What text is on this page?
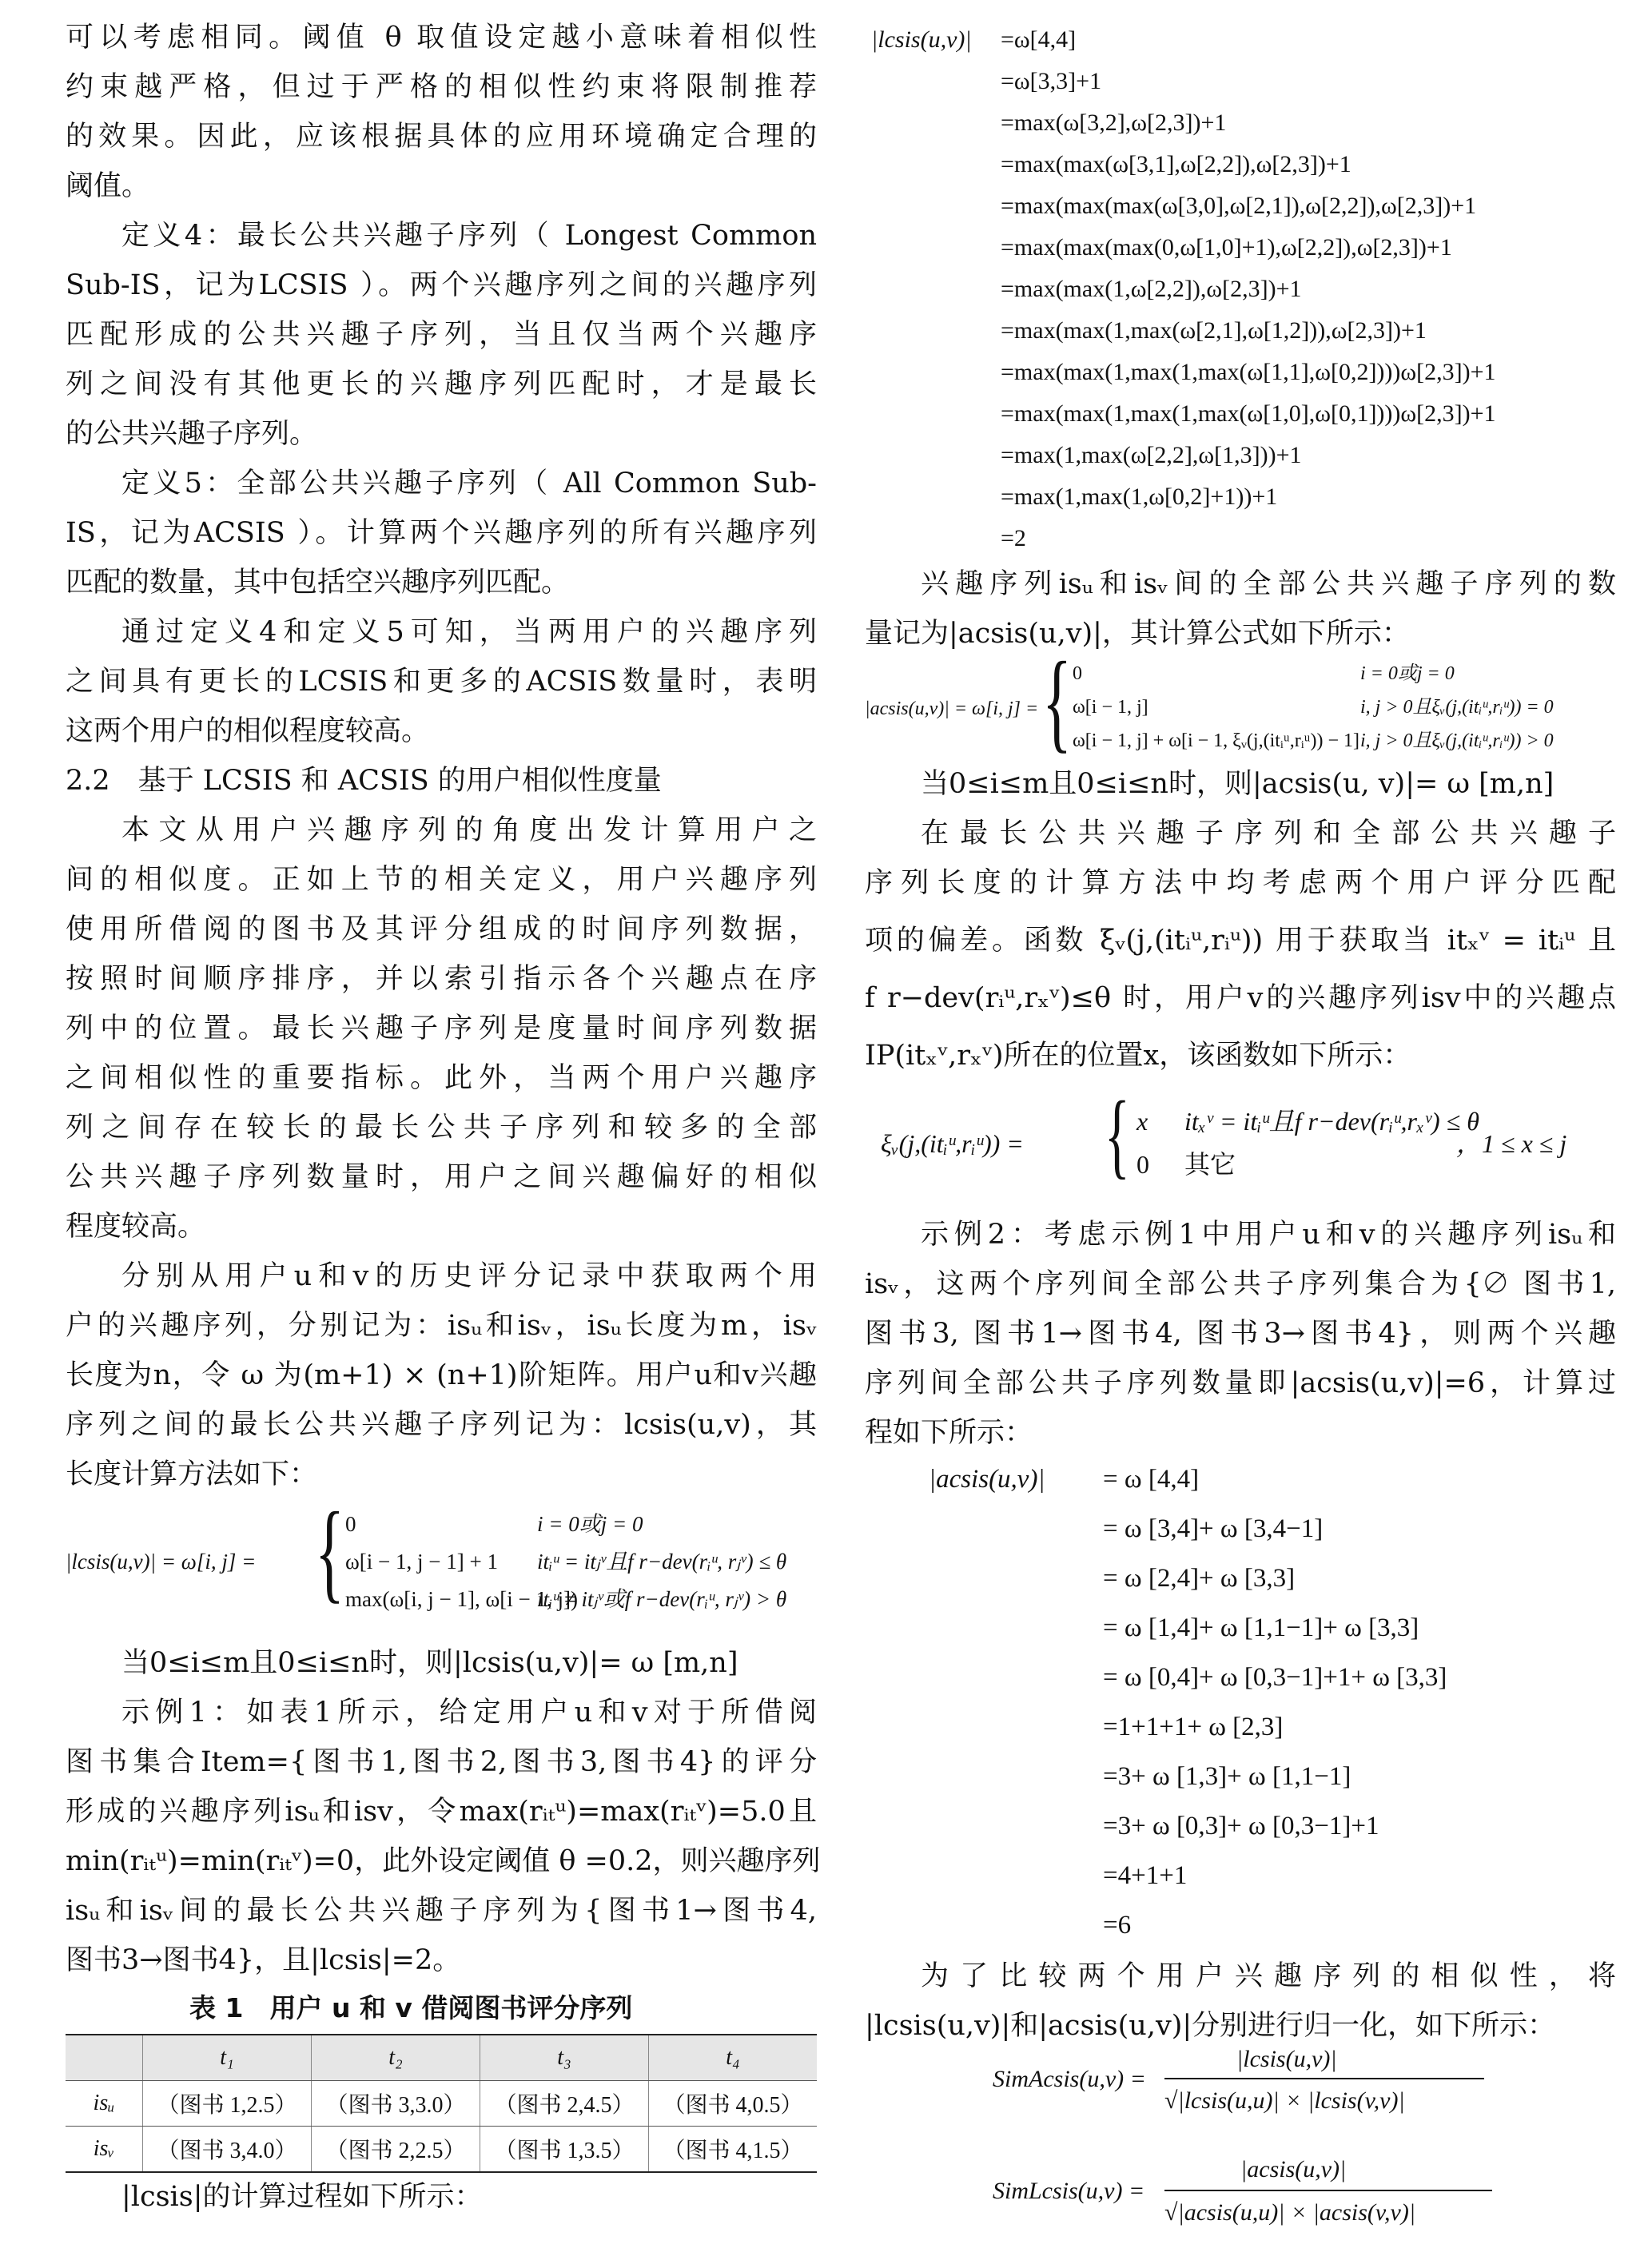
可以考虑相同。阈值 θ 取值设定越小意味着相似性
约束越严格，但过于严格的相似性约束将限制推荐
的效果。因此，应该根据具体的应用环境确定合理的
阈值。
定义4：最长公共兴趣子序列（ Longest Common
Sub-IS，记为LCSIS ）。两个兴趣序列之间的兴趣序列
匹配形成的公共兴趣子序列，当且仅当两个兴趣序
列之间没有其他更长的兴趣序列匹配时，才是最长
的公共兴趣子序列。
定义5：全部公共兴趣子序列（ All Common Sub-
IS，记为ACSIS ）。计算两个兴趣序列的所有兴趣序列
匹配的数量，其中包括空兴趣序列匹配。
通过定义4和定义5可知，当两用户的兴趣序列
之间具有更长的LCSIS和更多的ACSIS数量时，表明
这两个用户的相似程度较高。
2.2　基于 LCSIS 和 ACSIS 的用户相似性度量
本文从用户兴趣序列的角度出发计算用户之
间的相似度。正如上节的相关定义，用户兴趣序列
使用所借阅的图书及其评分组成的时间序列数据，
按照时间顺序排序，并以索引指示各个兴趣点在序
列中的位置。最长兴趣子序列是度量时间序列数据
之间相似性的重要指标。此外，当两个用户兴趣序
列之间存在较长的最长公共子序列和较多的全部
公共兴趣子序列数量时，用户之间兴趣偏好的相似
程度较高。
分别从用户u和v的历史评分记录中获取两个用
户的兴趣序列，分别记为：isᵤ和isᵥ，isᵤ长度为m，isᵥ
长度为n，令 ω 为(m+1) × (n+1)阶矩阵。用户u和v兴趣
序列之间的最长公共兴趣子序列记为：lcsis(u,v)，其
长度计算方法如下：
|lcsis(u,v)| = ω[i, j] = { 0	i = 0或j = 0
ω[i − 1, j − 1] + 1 itᵢᵘ = itⱼᵛ且f r−dev(rᵢᵘ, rⱼᵛ) ≤ θ
max(ω[i, j − 1], ω[i − 1, j])
itᵢᵘ ≠ itⱼᵛ或f r−dev(rᵢᵘ, rⱼᵛ) > θ
当0≤i≤m且0≤i≤n时，则|lcsis(u,v)|= ω [m,n]
示例1：如表1所示，给定用户u和v对于所借阅
图书集合Item={图书1,图书2,图书3,图书4}的评分
形成的兴趣序列isᵤ和isv，令max(rᵢₜᵘ)=max(rᵢₜᵛ)=5.0且
min(rᵢₜᵘ)=min(rᵢₜᵛ)=0，此外设定阈值 θ =0.2，则兴趣序列
isᵤ和isᵥ间的最长公共兴趣子序列为{图书1→图书4,
图书3→图书4}，且|lcsis|=2。
表 1　用户 u 和 v 借阅图书评分序列
	t₁	t₂	t₃	t₄
isᵤ	（图书 1,2.5）	（图书 3,3.0）	（图书 2,4.5）	（图书 4,0.5）
isᵥ	（图书 3,4.0）	（图书 2,2.5）	（图书 1,3.5）	（图书 4,1.5）
|lcsis|的计算过程如下所示：
|lcsis(u,v)| =ω[4,4]
=ω[3,3]+1
=max(ω[3,2],ω[2,3])+1
=max(max(ω[3,1],ω[2,2]),ω[2,3])+1
=max(max(max(ω[3,0],ω[2,1]),ω[2,2]),ω[2,3])+1
=max(max(max(0,ω[1,0]+1),ω[2,2]),ω[2,3])+1
=max(max(1,ω[2,2]),ω[2,3])+1
=max(max(1,max(ω[2,1],ω[1,2])),ω[2,3])+1
=max(max(1,max(1,max(ω[1,1],ω[0,2])))ω[2,3])+1
=max(max(1,max(1,max(ω[1,0],ω[0,1])))ω[2,3])+1
=max(1,max(ω[2,2],ω[1,3]))+1
=max(1,max(1,ω[0,2]+1))+1
=2
兴趣序列isᵤ和isᵥ间的全部公共兴趣子序列的数
量记为|acsis(u,v)|，其计算公式如下所示：
|acsis(u,v)| = ω[i, j] = { 0	i = 0或j = 0
ω[i − 1, j]	i, j > 0且ξᵥ(j,(itᵢᵘ,rᵢᵘ)) = 0
ω[i − 1, j] + ω[i − 1, ξᵥ(j,(itᵢᵘ,rᵢᵘ)) − 1] i, j > 0且ξᵥ(j,(itᵢᵘ,rᵢᵘ)) > 0
当0≤i≤m且0≤i≤n时，则|acsis(u, v)|= ω [m,n]
在最长公共兴趣子序列和全部公共兴趣子
序列长度的计算方法中均考虑两个用户评分匹配
项的偏差。函数 ξᵥ(j,(itᵢᵘ,rᵢᵘ)) 用于获取当 itₓᵛ = itᵢᵘ 且
f r−dev(rᵢᵘ,rₓᵛ)≤θ 时，用户v的兴趣序列isv中的兴趣点
IP(itₓᵛ,rₓᵛ)所在的位置x，该函数如下所示：
ξᵥ(j,(itᵢᵘ,rᵢᵘ)) = { x itₓᵛ = itᵢᵘ且f r−dev(rᵢᵘ,rₓᵛ) ≤ θ
0 其它
，1 ≤ x ≤ j
示例2：考虑示例1中用户u和v的兴趣序列isᵤ和
isᵥ，这两个序列间全部公共子序列集合为{∅ 图书1,
图书3, 图书1→图书4, 图书3→图书4}，则两个兴趣
序列间全部公共子序列数量即|acsis(u,v)|=6，计算过
程如下所示：
|acsis(u,v)| = ω [4,4]
= ω [3,4]+ ω [3,4−1]
= ω [2,4]+ ω [3,3]
= ω [1,4]+ ω [1,1−1]+ ω [3,3]
= ω [0,4]+ ω [0,3−1]+1+ ω [3,3]
=1+1+1+ ω [2,3]
=3+ ω [1,3]+ ω [1,1−1]
=3+ ω [0,3]+ ω [0,3−1]+1
=4+1+1
=6
为了比较两个用户兴趣序列的相似性，将
|lcsis(u,v)|和|acsis(u,v)|分别进行归一化，如下所示：
SimAcsis(u,v) =
|lcsis(u,v)|
√|lcsis(u,u)| × |lcsis(v,v)|
SimLcsis(u,v) =
|acsis(u,v)|
√|acsis(u,u)| × |acsis(v,v)|
